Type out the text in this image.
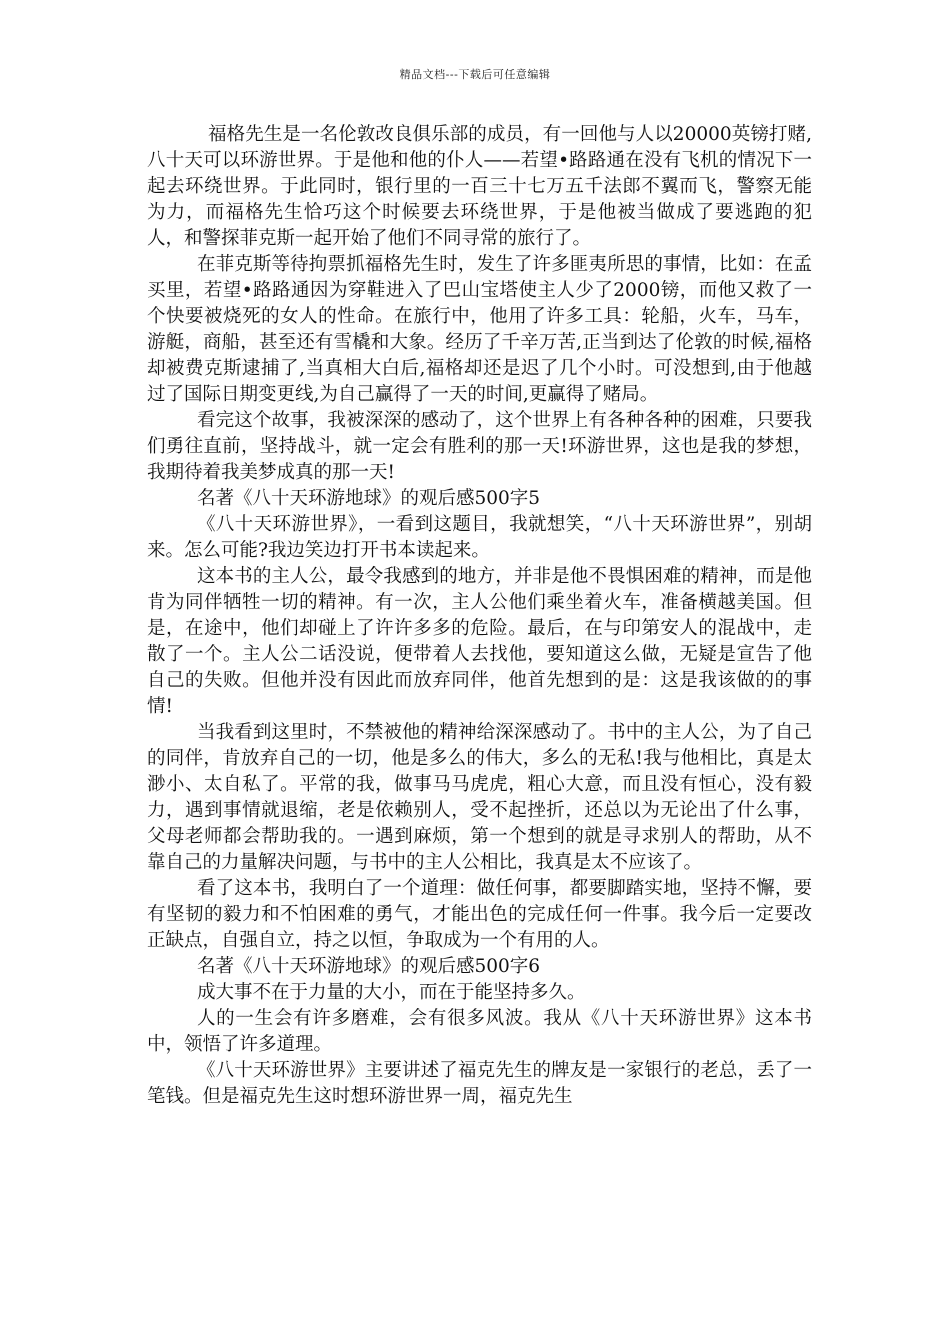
精品文档---下载后可任意编辑

福格先生是一名伦敦改良俱乐部的成员，有一回他与人以20000英镑打赌,八十天可以环游世界。于是他和他的仆人——若望•路路通在没有飞机的情况下一起去环绕世界。于此同时，银行里的一百三十七万五千法郎不翼而飞，警察无能为力，而福格先生恰巧这个时候要去环绕世界，于是他被当做成了要逃跑的犯人，和警探菲克斯一起开始了他们不同寻常的旅行了。

在菲克斯等待拘票抓福格先生时，发生了许多匪夷所思的事情，比如：在孟买里，若望•路路通因为穿鞋进入了巴山宝塔使主人少了2000镑，而他又救了一个快要被烧死的女人的性命。在旅行中，他用了许多工具：轮船，火车，马车，游艇，商船，甚至还有雪橇和大象。经历了千辛万苦,正当到达了伦敦的时候,福格却被费克斯逮捕了,当真相大白后,福格却还是迟了几个小时。可没想到,由于他越过了国际日期变更线,为自己赢得了一天的时间,更赢得了赌局。

看完这个故事，我被深深的感动了，这个世界上有各种各种的困难，只要我们勇往直前，坚持战斗，就一定会有胜利的那一天!环游世界，这也是我的梦想，我期待着我美梦成真的那一天!

名著《八十天环游地球》的观后感500字5

《八十天环游世界》，一看到这题目，我就想笑，“八十天环游世界”，别胡来。怎么可能?我边笑边打开书本读起来。

这本书的主人公，最令我感到的地方，并非是他不畏惧困难的精神，而是他肯为同伴牺牲一切的精神。有一次，主人公他们乘坐着火车，准备横越美国。但是，在途中，他们却碰上了许许多多的危险。最后，在与印第安人的混战中，走散了一个。主人公二话没说，便带着人去找他，要知道这么做，无疑是宣告了他自己的失败。但他并没有因此而放弃同伴，他首先想到的是：这是我该做的的事情!

当我看到这里时，不禁被他的精神给深深感动了。书中的主人公，为了自己的同伴，肯放弃自己的一切，他是多么的伟大，多么的无私!我与他相比，真是太渺小、太自私了。平常的我，做事马马虎虎，粗心大意，而且没有恒心，没有毅力，遇到事情就退缩，老是依赖别人，受不起挫折，还总以为无论出了什么事，父母老师都会帮助我的。一遇到麻烦，第一个想到的就是寻求别人的帮助，从不靠自己的力量解决问题，与书中的主人公相比，我真是太不应该了。

看了这本书，我明白了一个道理：做任何事，都要脚踏实地，坚持不懈，要有坚韧的毅力和不怕困难的勇气，才能出色的完成任何一件事。我今后一定要改正缺点，自强自立，持之以恒，争取成为一个有用的人。

名著《八十天环游地球》的观后感500字6

成大事不在于力量的大小，而在于能坚持多久。

人的一生会有许多磨难，会有很多风波。我从《八十天环游世界》这本书中，领悟了许多道理。

《八十天环游世界》主要讲述了福克先生的牌友是一家银行的老总，丢了一笔钱。但是福克先生这时想环游世界一周，福克先生
